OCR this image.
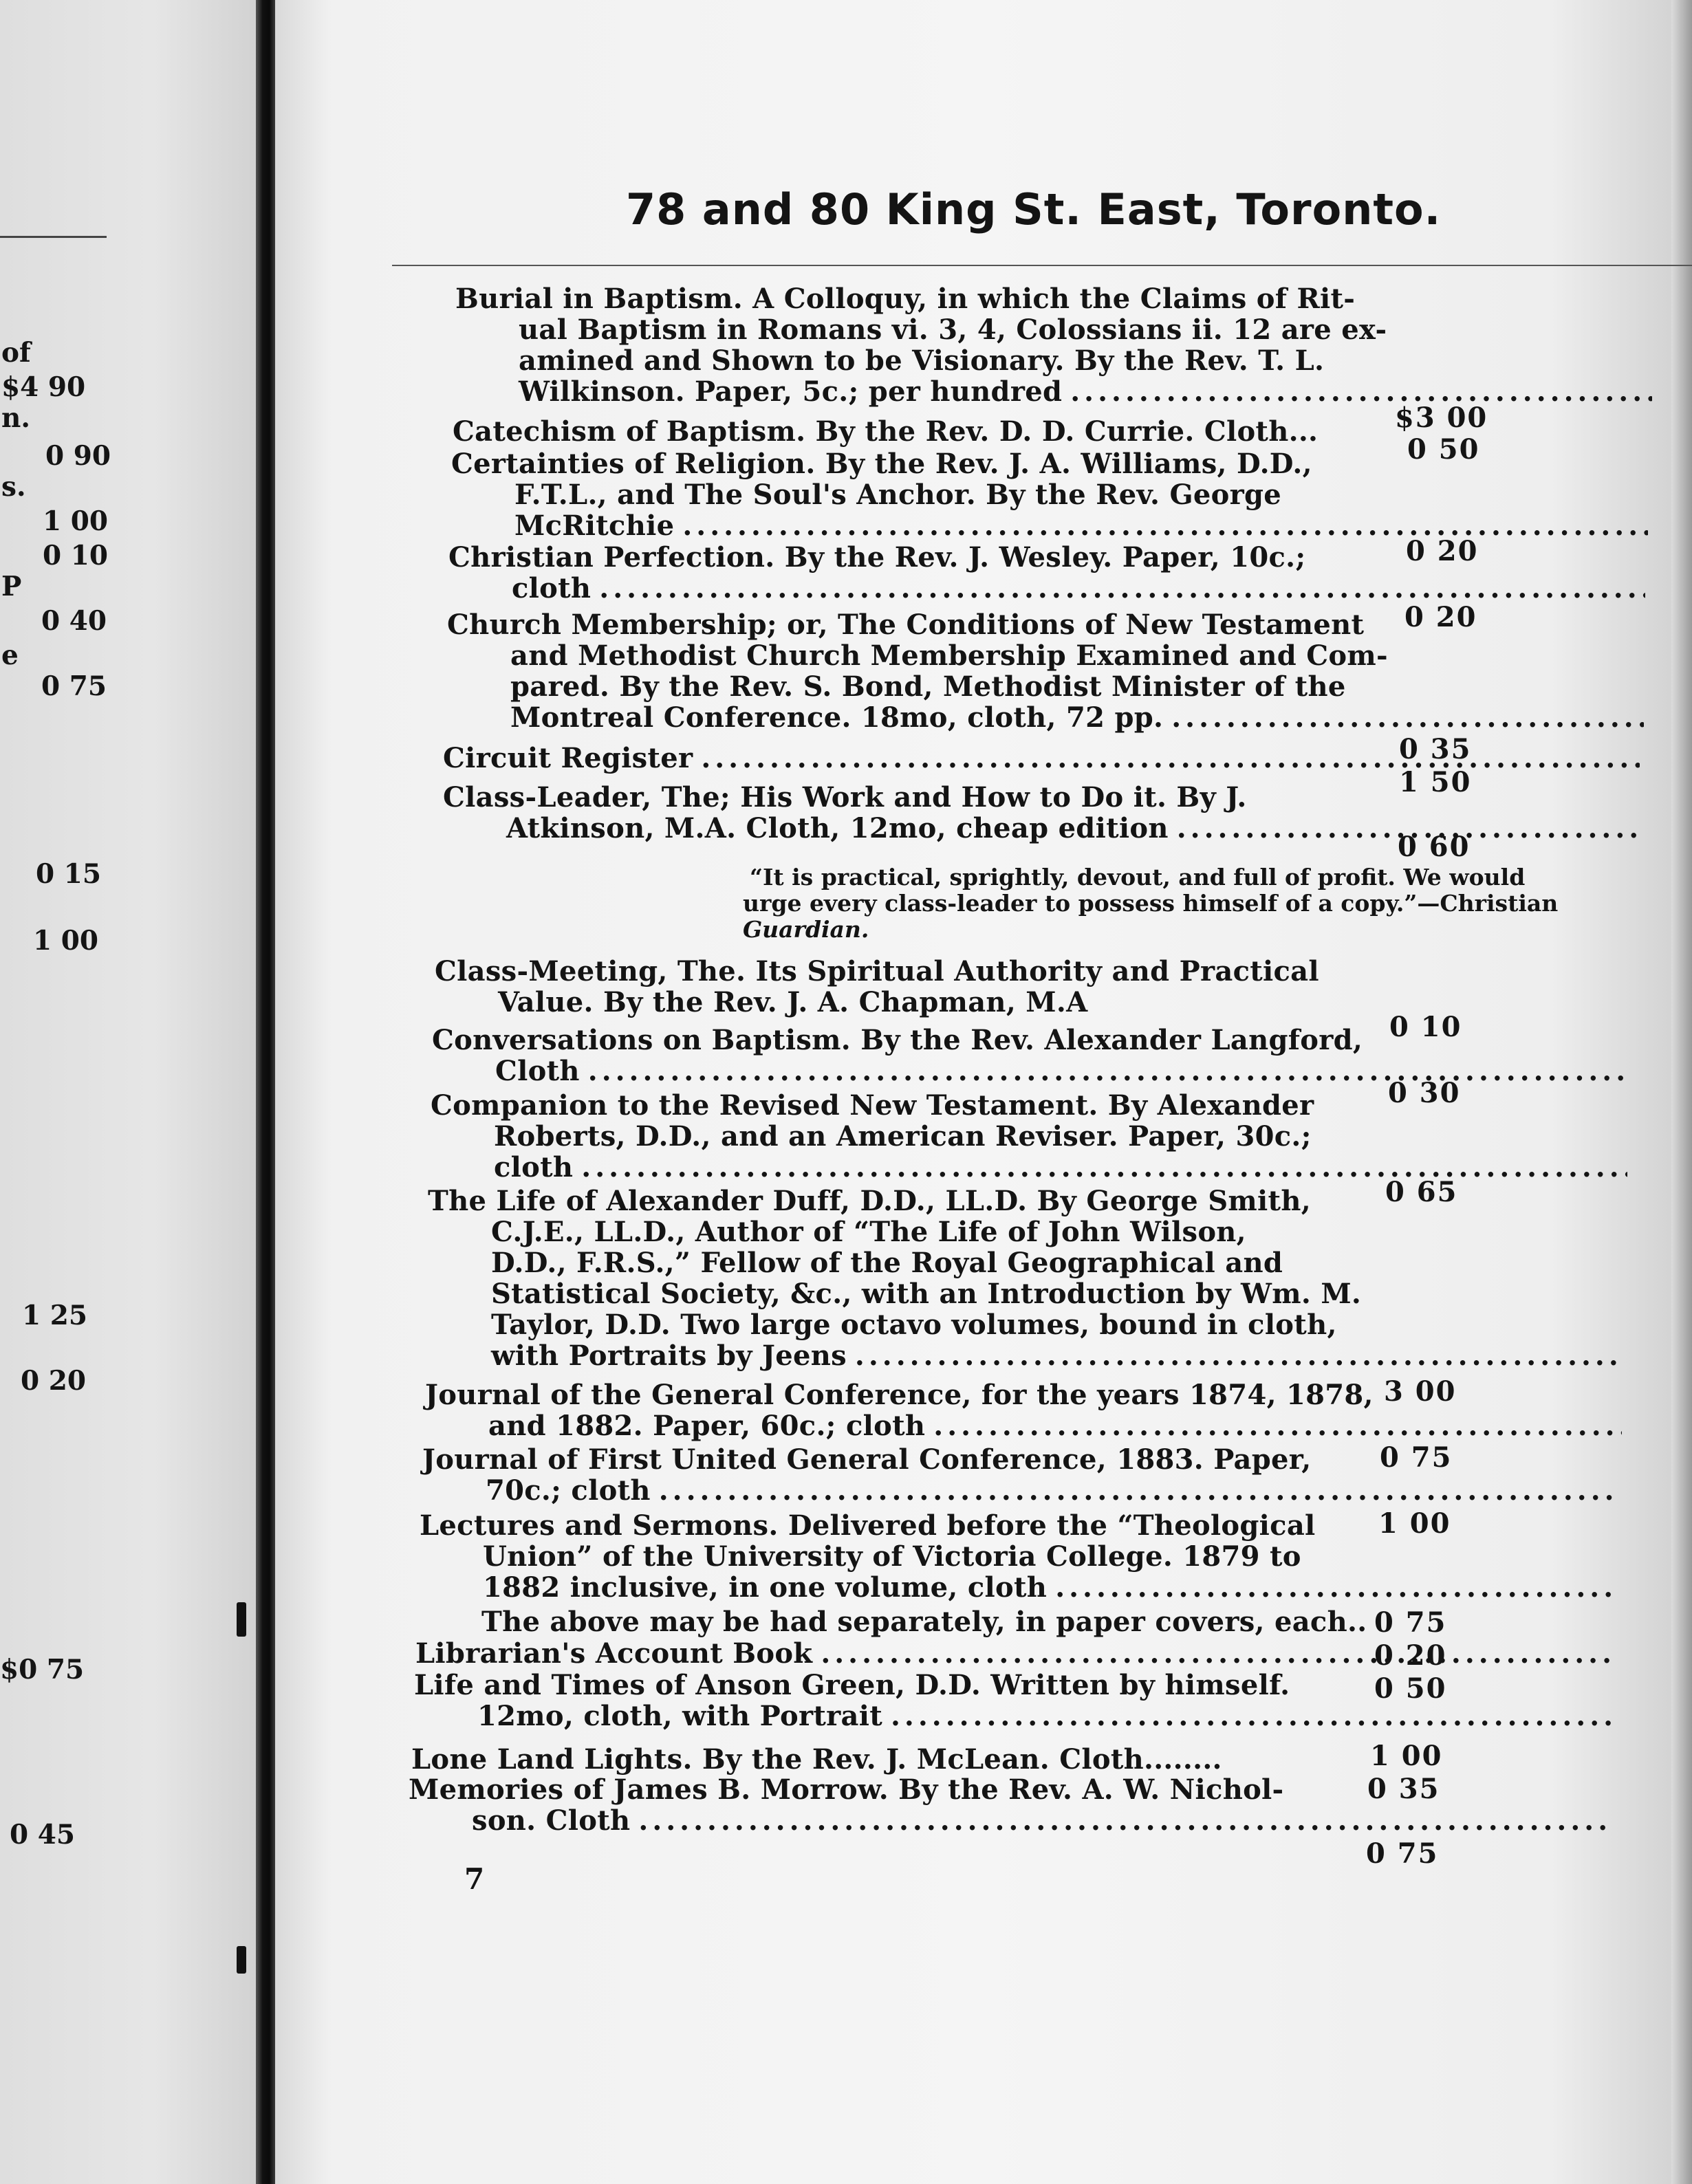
of
n.
s.
P
e
$4 90
0 90
1 00
0 10
0 40
0 75
0 15
1 00
1 25
0 20
$0 75
0 45
78 and 80 King St. East, Toronto.
Burial in Baptism. A Colloquy, in which the Claims of Rit-
ual Baptism in Romans vi. 3, 4, Colossians ii. 12 are ex-
amined and Shown to be Visionary. By the Rev. T. L.
Wilkinson. Paper, 5c.; per hundred
.....
$3 00
Catechism of Baptism. By the Rev. D. D. Currie. Cloth...
0 50
Certainties of Religion. By the Rev. J. A. Williams, D.D.,
F.T.L., and The Soul's Anchor. By the Rev. George
McRitchie
.....
Christian Perfection. By the Rev. J. Wesley. Paper, 10c.;
cloth
.....
0 20
0 20
Church Membership; or, The Conditions of New Testament
and Methodist Church Membership Examined and Com-
pared. By the Rev. S. Bond, Methodist Minister of the
Montreal Conference. 18mo, cloth, 72 pp.
.....
0 35
Circuit Register
.....
1 50
Class-Leader, The; His Work and How to Do it. By J.
Atkinson, M.A. Cloth, 12mo, cheap edition
.....
0 60
“It is practical, sprightly, devout, and full of profit. We would
urge every class-leader to possess himself of a copy.”—Christian
Guardian.
Class-Meeting, The. Its Spiritual Authority and Practical
Value. By the Rev. J. A. Chapman, M.A
0 10
Conversations on Baptism. By the Rev. Alexander Langford,
Cloth
.....
0 30
Companion to the Revised New Testament. By Alexander
Roberts, D.D., and an American Reviser. Paper, 30c.;
cloth
.....
0 65
The Life of Alexander Duff, D.D., LL.D. By George Smith,
C.J.E., LL.D., Author of “The Life of John Wilson,
D.D., F.R.S.,” Fellow of the Royal Geographical and
Statistical Society, &c., with an Introduction by Wm. M.
Taylor, D.D. Two large octavo volumes, bound in cloth,
with Portraits by Jeens
.....
3 00
Journal of the General Conference, for the years 1874, 1878,
and 1882. Paper, 60c.; cloth
.....
0 75
Journal of First United General Conference, 1883. Paper,
70c.; cloth
.....
1 00
Lectures and Sermons. Delivered before the “Theological
Union” of the University of Victoria College. 1879 to
1882 inclusive, in one volume, cloth
.....
0 75
The above may be had separately, in paper covers, each..
0 20
Librarian's Account Book
.....
0 50
Life and Times of Anson Green, D.D. Written by himself.
12mo, cloth, with Portrait
.....
1 00
Lone Land Lights. By the Rev. J. McLean. Cloth........
0 35
Memories of James B. Morrow. By the Rev. A. W. Nichol-
son. Cloth
.....
0 75
7
